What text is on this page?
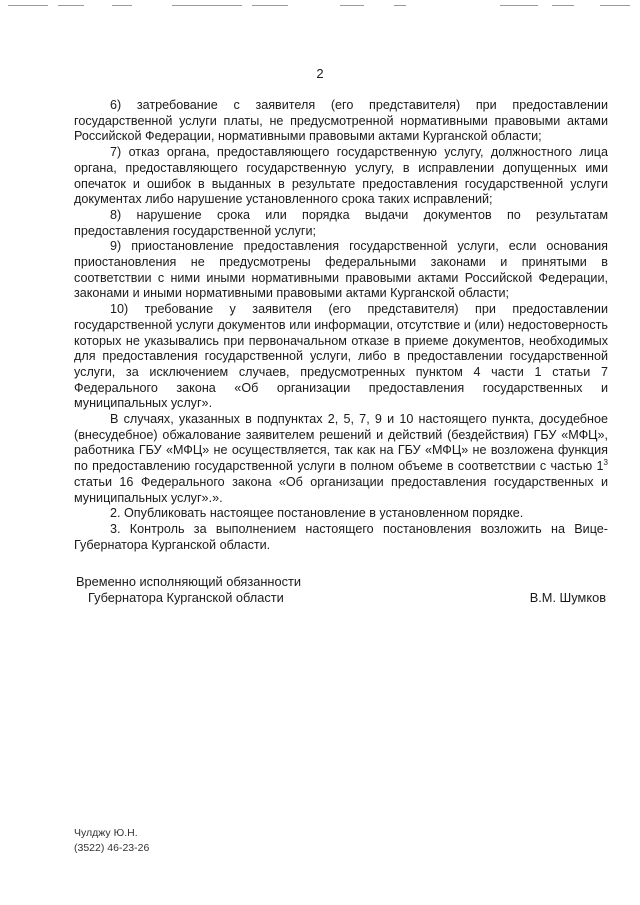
2

6) затребование с заявителя (его представителя) при предоставлении государственной услуги платы, не предусмотренной нормативными правовыми актами Российской Федерации, нормативными правовыми актами Курганской области;

7) отказ органа, предоставляющего государственную услугу, должностного лица органа, предоставляющего государственную услугу, в исправлении допущенных ими опечаток и ошибок в выданных в результате предоставления государственной услуги документах либо нарушение установленного срока таких исправлений;

8) нарушение срока или порядка выдачи документов по результатам предоставления государственной услуги;

9) приостановление предоставления государственной услуги, если основания приостановления не предусмотрены федеральными законами и принятыми в соответствии с ними иными нормативными правовыми актами Российской Федерации, законами и иными нормативными правовыми актами Курганской области;

10) требование у заявителя (его представителя) при предоставлении государственной услуги документов или информации, отсутствие и (или) недостоверность которых не указывались при первоначальном отказе в приеме документов, необходимых для предоставления государственной услуги, либо в предоставлении государственной услуги, за исключением случаев, предусмотренных пунктом 4 части 1 статьи 7 Федерального закона «Об организации предоставления государственных и муниципальных услуг».

В случаях, указанных в подпунктах 2, 5, 7, 9 и 10 настоящего пункта, досудебное (внесудебное) обжалование заявителем решений и действий (бездействия) ГБУ «МФЦ», работника ГБУ «МФЦ» не осуществляется, так как на ГБУ «МФЦ» не возложена функция по предоставлению государственной услуги в полном объеме в соответствии с частью $1^3$ статьи 16 Федерального закона «Об организации предоставления государственных и муниципальных услуг».».

2. Опубликовать настоящее постановление в установленном порядке.

3. Контроль за выполнением настоящего постановления возложить на Вице-Губернатора Курганской области.

Временно исполняющий обязанности
Губернатора Курганской области	В.М. Шумков
Чулджу Ю.Н.
(3522) 46-23-26
